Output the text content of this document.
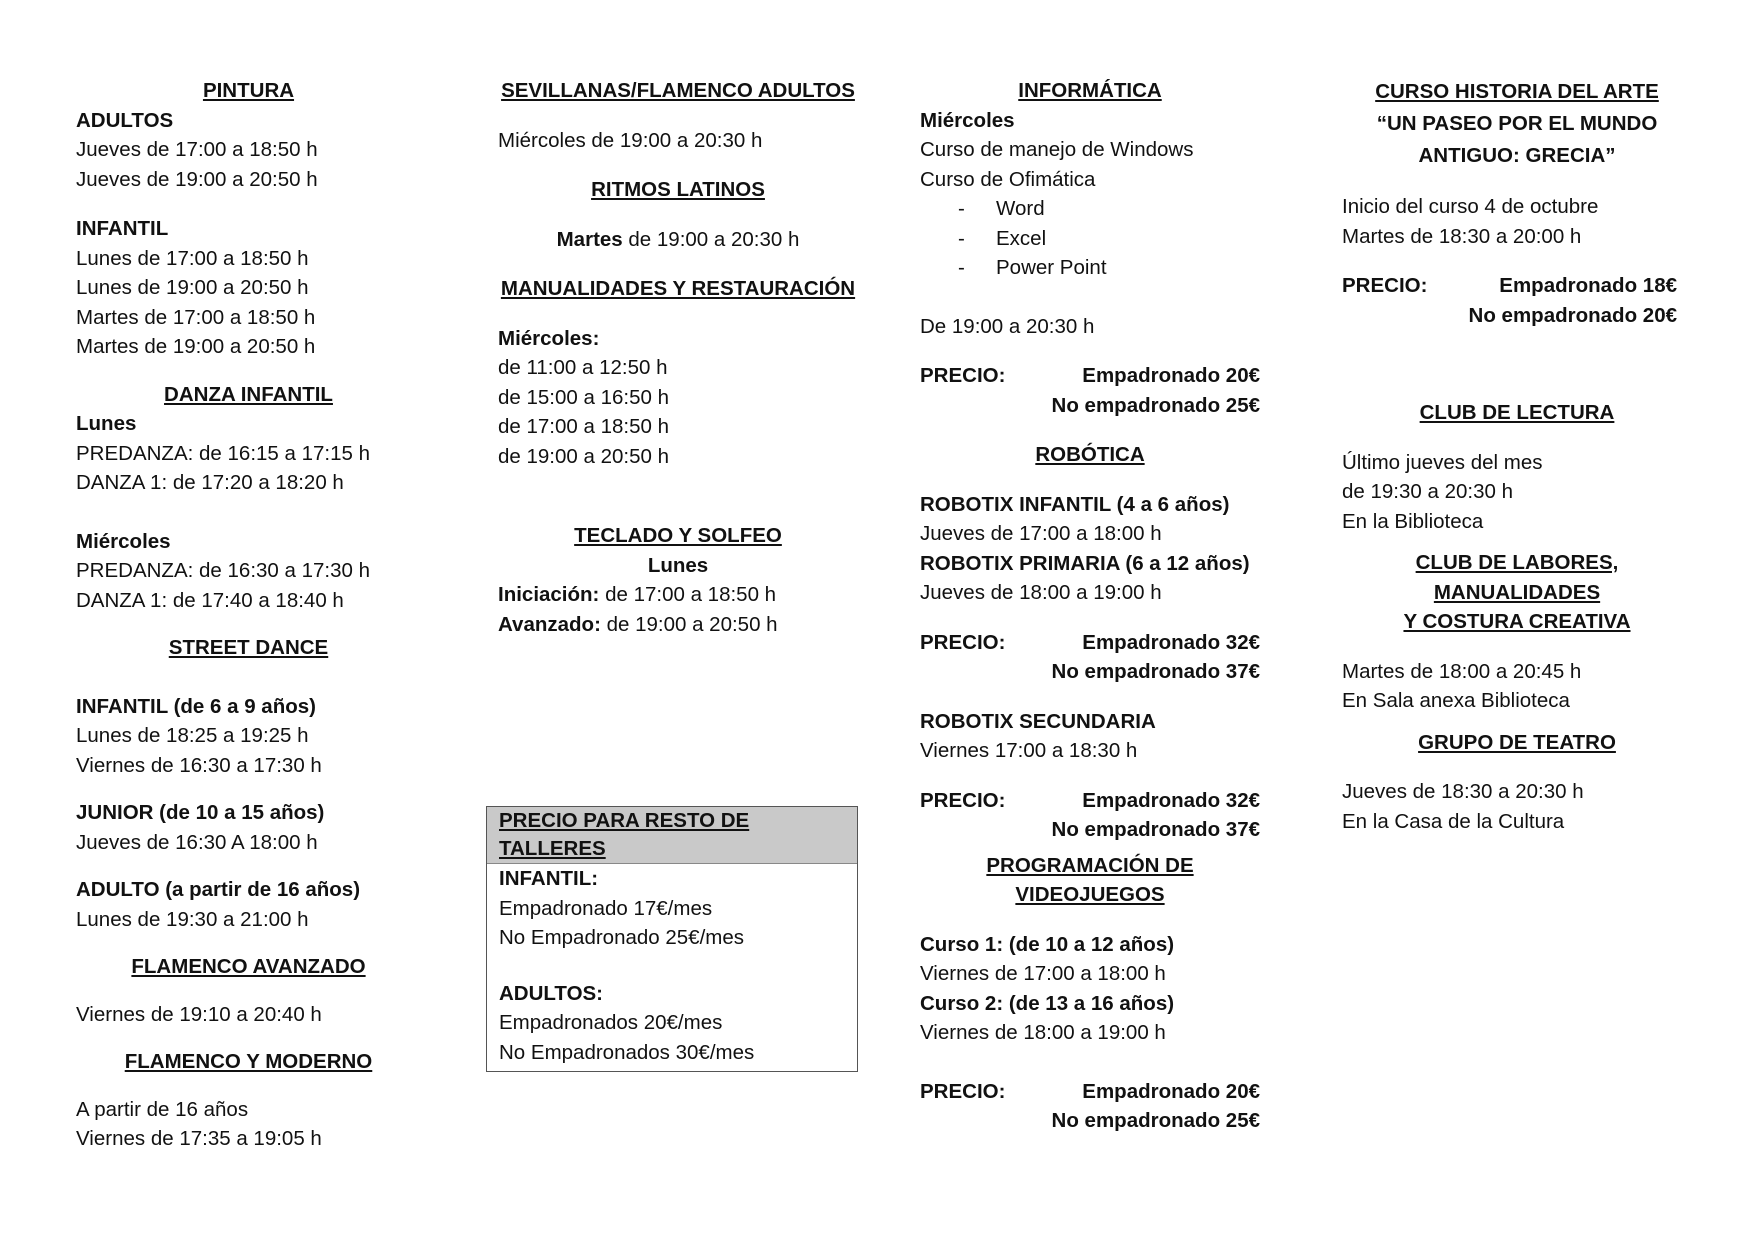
PINTURA
ADULTOS
Jueves de 17:00 a 18:50 h
Jueves de 19:00 a 20:50 h
INFANTIL
Lunes de 17:00 a 18:50 h
Lunes de 19:00 a 20:50 h
Martes de 17:00 a 18:50 h
Martes de 19:00 a 20:50 h
DANZA INFANTIL
Lunes
PREDANZA: de 16:15 a 17:15 h
DANZA 1: de 17:20 a 18:20 h
Miércoles
PREDANZA: de 16:30 a 17:30 h
DANZA 1: de 17:40 a 18:40 h
STREET DANCE
INFANTIL (de 6 a 9 años)
Lunes de 18:25 a 19:25 h
Viernes de 16:30 a 17:30 h
JUNIOR (de 10 a 15 años)
Jueves de 16:30 A 18:00 h
ADULTO (a partir de 16 años)
Lunes de 19:30 a 21:00 h
FLAMENCO AVANZADO
Viernes de 19:10 a 20:40 h
FLAMENCO Y MODERNO
A partir de 16 años
Viernes de 17:35 a 19:05 h
SEVILLANAS/FLAMENCO ADULTOS
Miércoles de 19:00 a 20:30 h
RITMOS LATINOS
Martes de 19:00 a 20:30 h
MANUALIDADES Y RESTAURACIÓN
Miércoles:
de 11:00 a 12:50 h
de 15:00 a 16:50 h
de 17:00 a 18:50 h
de 19:00 a 20:50 h
TECLADO Y SOLFEO
Lunes
Iniciación: de 17:00 a 18:50 h
Avanzado: de 19:00 a 20:50 h
PRECIO PARA RESTO DE TALLERES
INFANTIL:
Empadronado 17€/mes
No Empadronado 25€/mes
ADULTOS:
Empadronados 20€/mes
No Empadronados 30€/mes
INFORMÁTICA
Miércoles
Curso de manejo de Windows
Curso de Ofimática
- Word
- Excel
- Power Point
De 19:00 a 20:30 h
PRECIO:	Empadronado 20€
No empadronado 25€
ROBÓTICA
ROBOTIX INFANTIL (4 a 6 años)
Jueves de 17:00 a 18:00 h
ROBOTIX PRIMARIA (6 a 12 años)
Jueves de 18:00 a 19:00 h
PRECIO:	Empadronado 32€
No empadronado 37€
ROBOTIX SECUNDARIA
Viernes 17:00 a 18:30 h
PRECIO:	Empadronado 32€
No empadronado 37€
PROGRAMACIÓN DE
VIDEOJUEGOS
Curso 1: (de 10 a 12 años)
Viernes de 17:00 a 18:00 h
Curso 2: (de 13 a 16 años)
Viernes de 18:00 a 19:00 h
PRECIO:	Empadronado 20€
No empadronado 25€
CURSO HISTORIA DEL ARTE
“UN PASEO POR EL MUNDO
ANTIGUO: GRECIA”
Inicio del curso 4 de octubre
Martes de 18:30 a 20:00 h
PRECIO:	Empadronado 18€
No empadronado 20€
CLUB DE LECTURA
Último jueves del mes
de 19:30 a 20:30 h
En la Biblioteca
CLUB DE LABORES, MANUALIDADES
Y COSTURA CREATIVA
Martes de 18:00 a 20:45 h
En Sala anexa Biblioteca
GRUPO DE TEATRO
Jueves de 18:30 a 20:30 h
En la Casa de la Cultura
